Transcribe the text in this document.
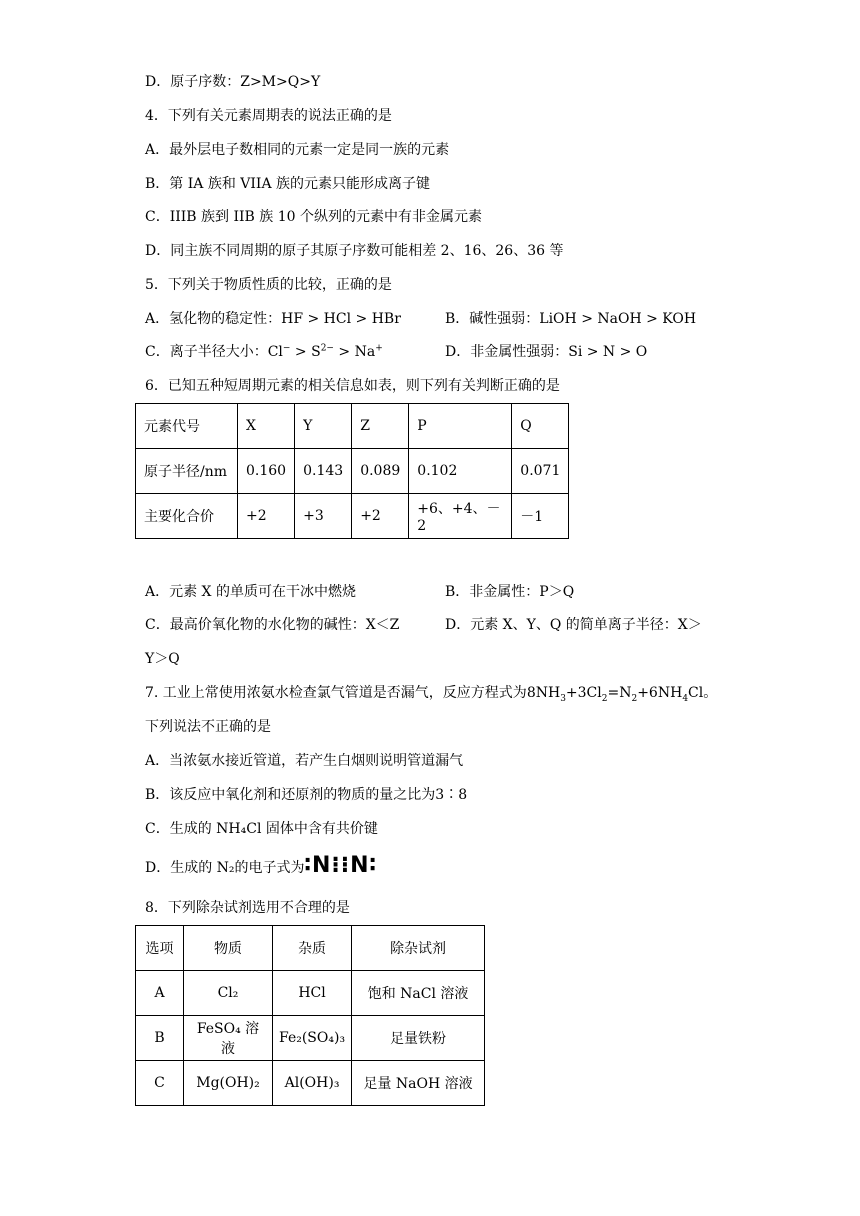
D．原子序数：Z>M>Q>Y
4．下列有关元素周期表的说法正确的是
A．最外层电子数相同的元素一定是同一族的元素
B．第 IA 族和 VIIA 族的元素只能形成离子键
C．IIIB 族到 IIB 族 10 个纵列的元素中有非金属元素
D．同主族不同周期的原子其原子序数可能相差 2、16、26、36 等
5．下列关于物质性质的比较，正确的是
A．氢化物的稳定性：HF > HCl > HBr	B．碱性强弱：LiOH > NaOH > KOH
C．离子半径大小：$Cl^- > S^{2-} > Na^+$	D．非金属性强弱：Si > N > O
6．已知五种短周期元素的相关信息如表，则下列有关判断正确的是
元素代号	X	Y	Z	P	Q
原子半径/nm	0.160	0.143	0.089	0.102	0.071
主要化合价	+2	+3	+2	+6、+4、－2	－1
A．元素 X 的单质可在干冰中燃烧	B．非金属性：P＞Q
C．最高价氧化物的水化物的碱性：X＜Z	D．元素 X、Y、Q 的简单离子半径：X＞
Y＞Q
7. 工业上常使用浓氨水检查氯气管道是否漏气，反应方程式为$8NH_3+3Cl_2=N_2+6NH_4Cl$。
下列说法不正确的是
A．当浓氨水接近管道，若产生白烟则说明管道漏气
B．该反应中氧化剂和还原剂的物质的量之比为3∶8
C．生成的 NH₄Cl 固体中含有共价键
D．生成的 N₂的电子式为∶N⁝⁝N∶
8．下列除杂试剂选用不合理的是
选项	物质	杂质	除杂试剂
A	Cl₂	HCl	饱和 NaCl 溶液
B	FeSO₄ 溶液	Fe₂(SO₄)₃	足量铁粉
C	Mg(OH)₂	Al(OH)₃	足量 NaOH 溶液
